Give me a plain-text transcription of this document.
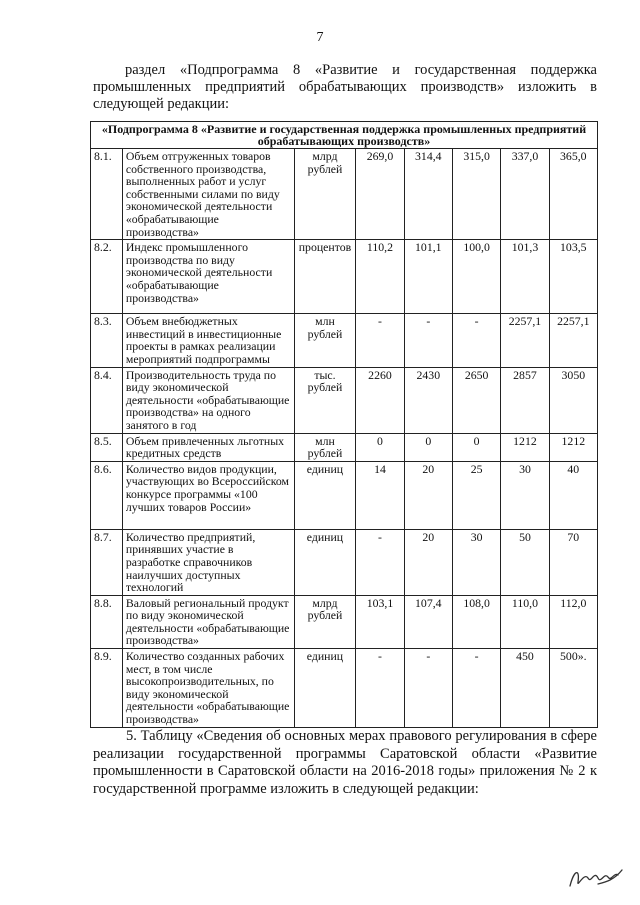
7
раздел «Подпрограмма 8 «Развитие и государственная поддержка промышленных предприятий обрабатывающих производств» изложить в следующей редакции:
«Подпрограмма 8 «Развитие и государственная поддержка промышленных предприятий обрабатывающих производств»							
8.1.	Объем отгруженных товаров собственного производства, выполненных работ и услуг собственными силами по виду экономической деятельности «обрабатывающие производства»	млрд рублей	269,0	314,4	315,0	337,0	365,0
8.2.	Индекс промышленного производства по виду экономической деятельности «обрабатывающие производства»	процентов	110,2	101,1	100,0	101,3	103,5
8.3.	Объем внебюджетных инвестиций в инвестиционные проекты в рамках реализации мероприятий подпрограммы	млн рублей	-	-	-	2257,1	2257,1
8.4.	Производительность труда по виду экономической деятельности «обрабатывающие производства» на одного занятого в год	тыс. рублей	2260	2430	2650	2857	3050
8.5.	Объем привлеченных льготных кредитных средств	млн рублей	0	0	0	1212	1212
8.6.	Количество видов продукции, участвующих во Всероссийском конкурсе программы «100 лучших товаров России»	единиц	14	20	25	30	40
8.7.	Количество предприятий, принявших участие в разработке справочников наилучших доступных технологий	единиц	-	20	30	50	70
8.8.	Валовый региональный продукт по виду экономической деятельности «обрабатывающие производства»	млрд рублей	103,1	107,4	108,0	110,0	112,0
8.9.	Количество созданных рабочих мест, в том числе высокопроизводительных, по виду экономической деятельности «обрабатывающие производства»	единиц	-	-	-	450	500».
5. Таблицу «Сведения об основных мерах правового регулирования в сфере реализации государственной программы Саратовской области «Развитие промышленности в Саратовской области на 2016-2018 годы» приложения № 2 к государственной программе изложить в следующей редакции:
